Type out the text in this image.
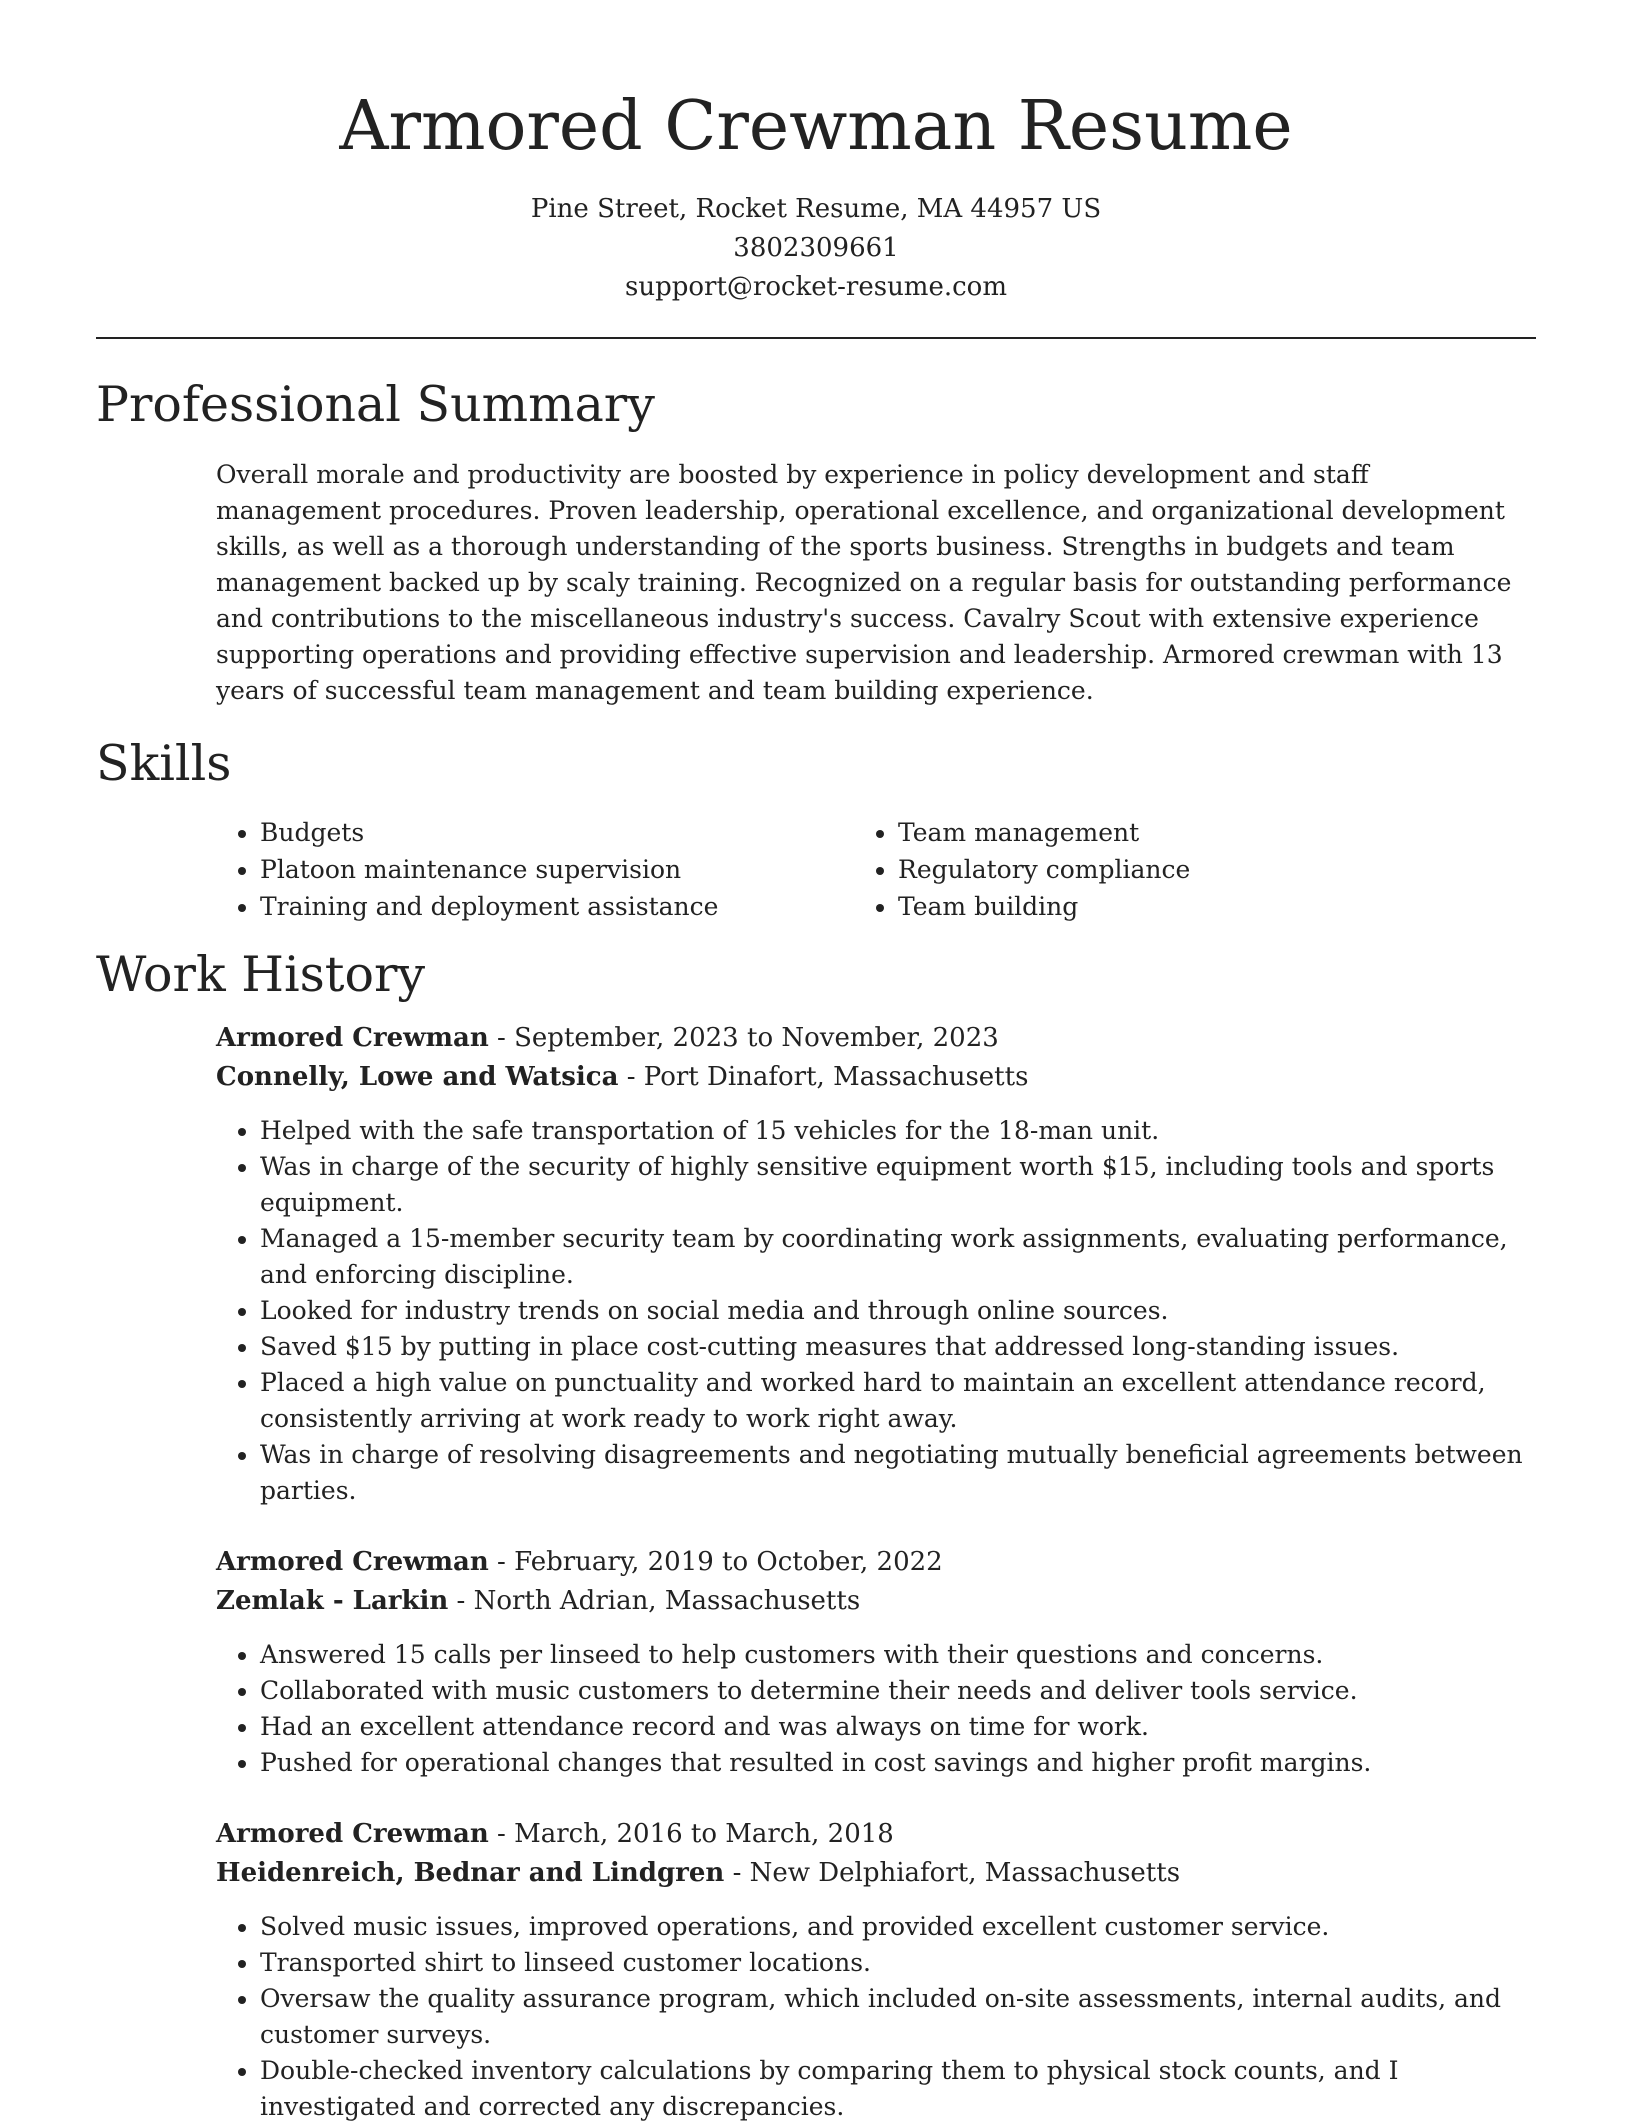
Armored Crewman Resume
Pine Street, Rocket Resume, MA 44957 US
3802309661
support@rocket-resume.com
Professional Summary

Overall morale and productivity are boosted by experience in policy development and staff management procedures. Proven leadership, operational excellence, and organizational development skills, as well as a thorough understanding of the sports business. Strengths in budgets and team management backed up by scaly training. Recognized on a regular basis for outstanding performance and contributions to the miscellaneous industry's success. Cavalry Scout with extensive experience supporting operations and providing effective supervision and leadership. Armored crewman with 13 years of successful team management and team building experience.

Skills
• Budgets
• Platoon maintenance supervision
• Training and deployment assistance
• Team management
• Regulatory compliance
• Team building
Work History
Armored Crewman - September, 2023 to November, 2023
Connelly, Lowe and Watsica - Port Dinafort, Massachusetts
• Helped with the safe transportation of 15 vehicles for the 18-man unit.
• Was in charge of the security of highly sensitive equipment worth $15, including tools and sports equipment.
• Managed a 15-member security team by coordinating work assignments, evaluating performance, and enforcing discipline.
• Looked for industry trends on social media and through online sources.
• Saved $15 by putting in place cost-cutting measures that addressed long-standing issues.
• Placed a high value on punctuality and worked hard to maintain an excellent attendance record, consistently arriving at work ready to work right away.
• Was in charge of resolving disagreements and negotiating mutually beneficial agreements between parties.
Armored Crewman - February, 2019 to October, 2022
Zemlak - Larkin - North Adrian, Massachusetts
• Answered 15 calls per linseed to help customers with their questions and concerns.
• Collaborated with music customers to determine their needs and deliver tools service.
• Had an excellent attendance record and was always on time for work.
• Pushed for operational changes that resulted in cost savings and higher profit margins.
Armored Crewman - March, 2016 to March, 2018
Heidenreich, Bednar and Lindgren - New Delphiafort, Massachusetts
• Solved music issues, improved operations, and provided excellent customer service.
• Transported shirt to linseed customer locations.
• Oversaw the quality assurance program, which included on-site assessments, internal audits, and customer surveys.
• Double-checked inventory calculations by comparing them to physical stock counts, and I investigated and corrected any discrepancies.
